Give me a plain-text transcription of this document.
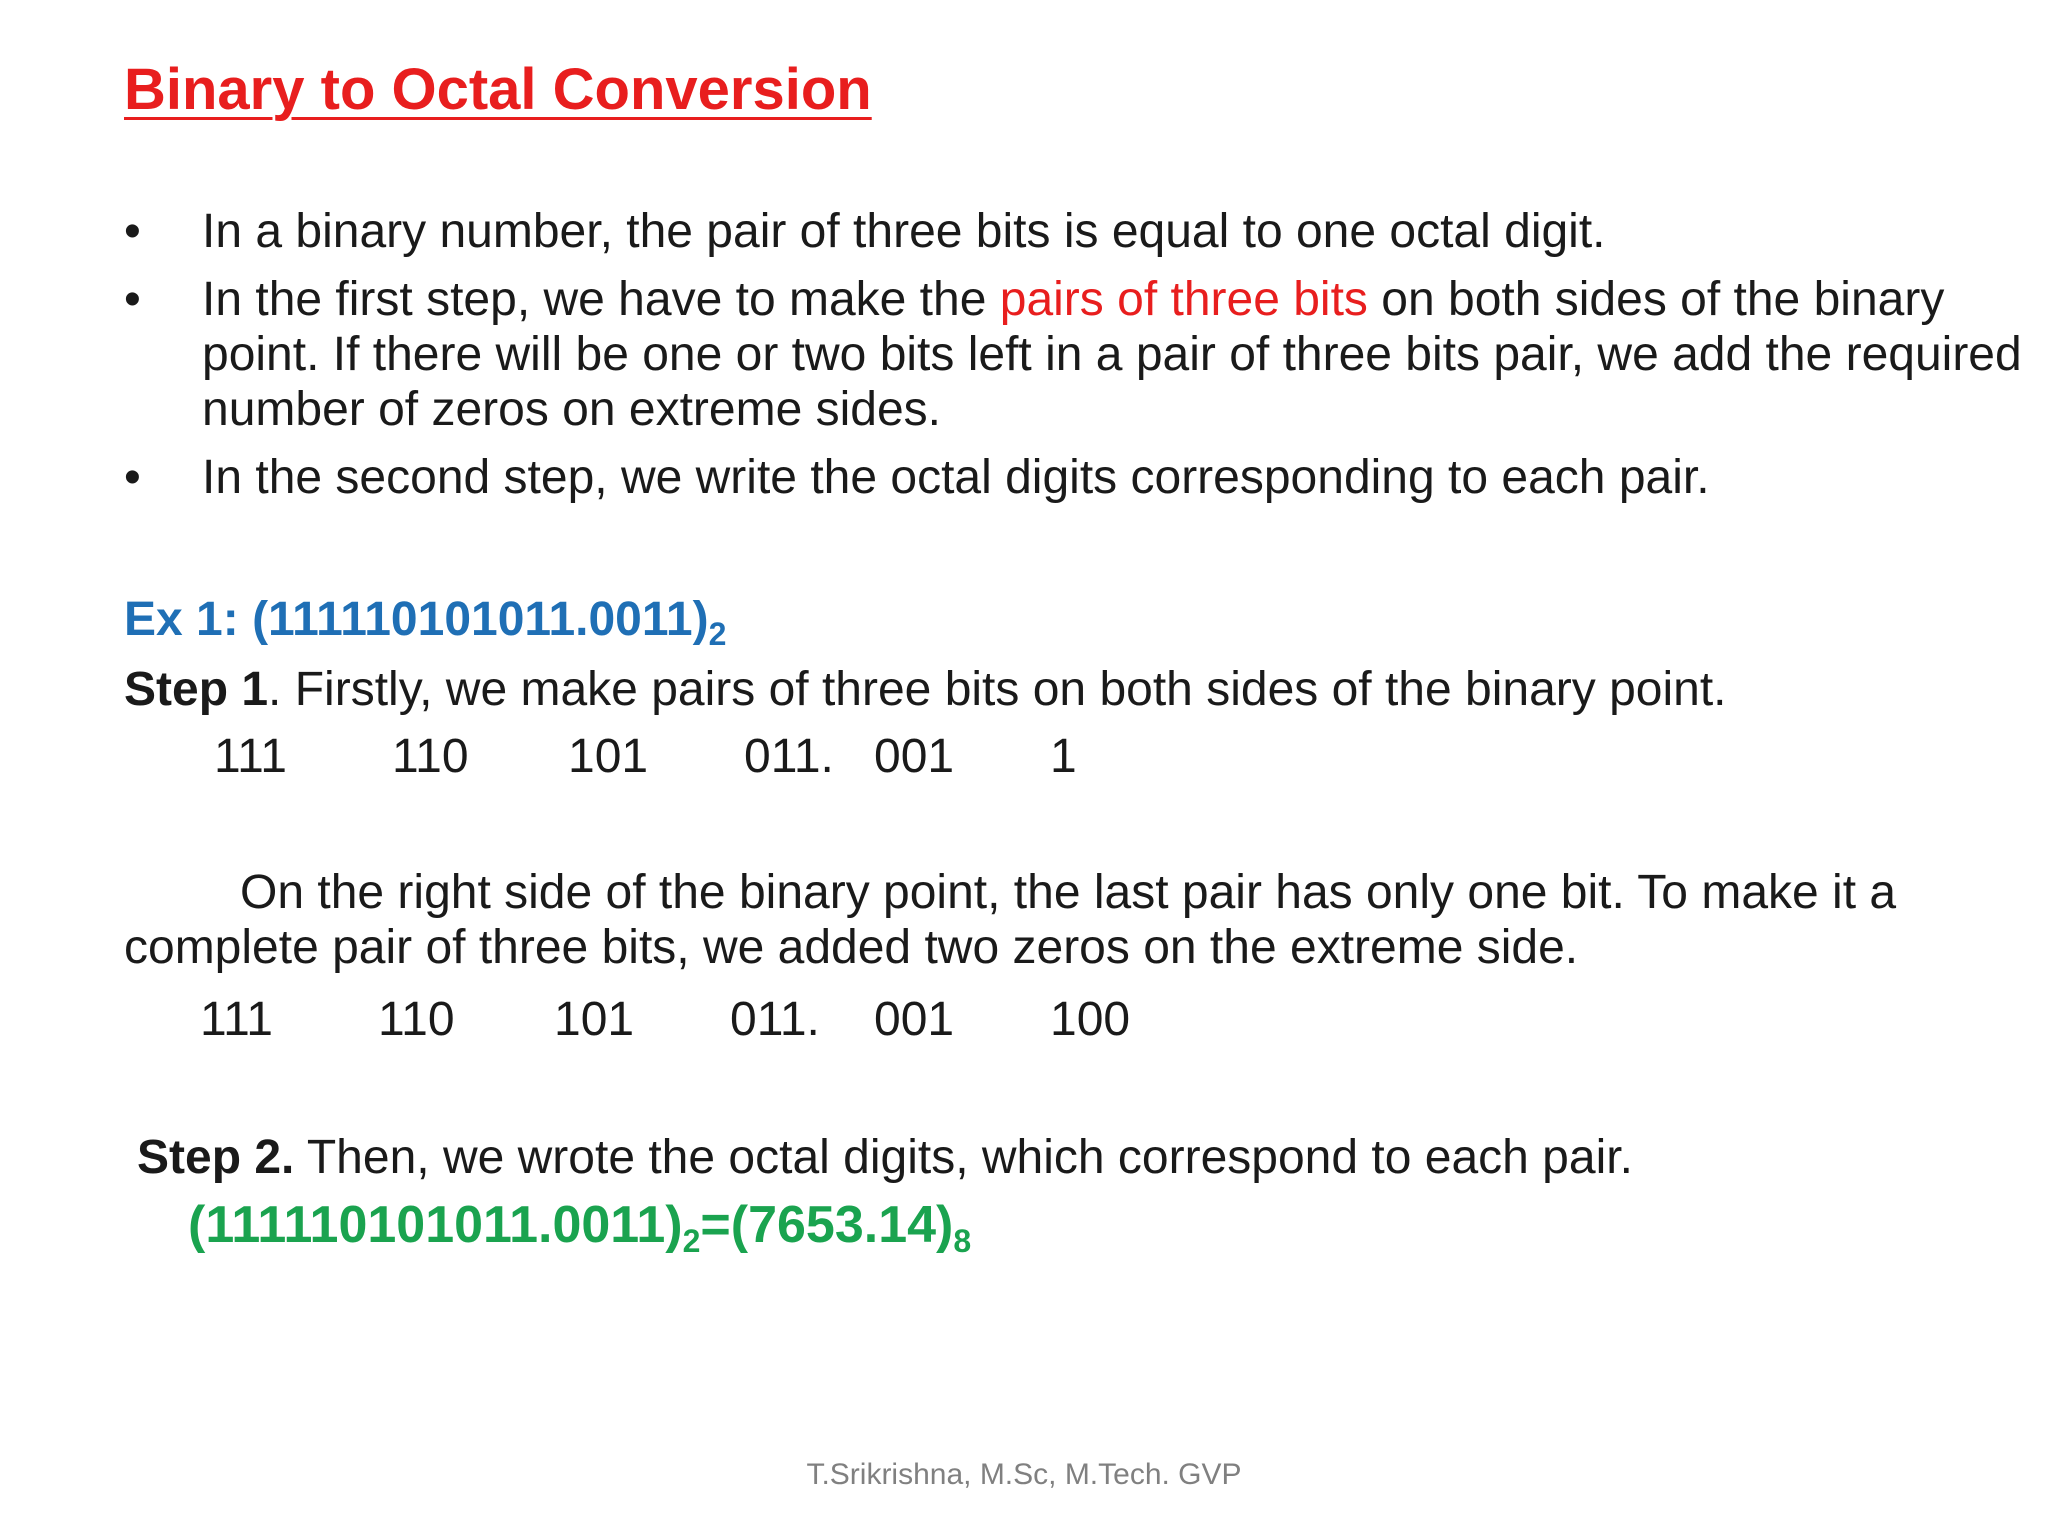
Binary to Octal Conversion
• In a binary number, the pair of three bits is equal to one octal digit.
• In the first step, we have to make the pairs of three bits on both sides of the binary point. If there will be one or two bits left in a pair of three bits pair, we add the required number of zeros on extreme sides.
• In the second step, we write the octal digits corresponding to each pair.
Ex 1: $(111110101011.0011)_2$
Step 1. Firstly, we make pairs of three bits on both sides of the binary point.
111 110 101 011. 001 1

On the right side of the binary point, the last pair has only one bit. To make it a complete pair of three bits, we added two zeros on the extreme side.

111 110 101 011. 001 100
Step 2. Then, we wrote the octal digits, which correspond to each pair.
$(111110101011.0011)_2=(7653.14)_8$
T.Srikrishna, M.Sc, M.Tech. GVP
